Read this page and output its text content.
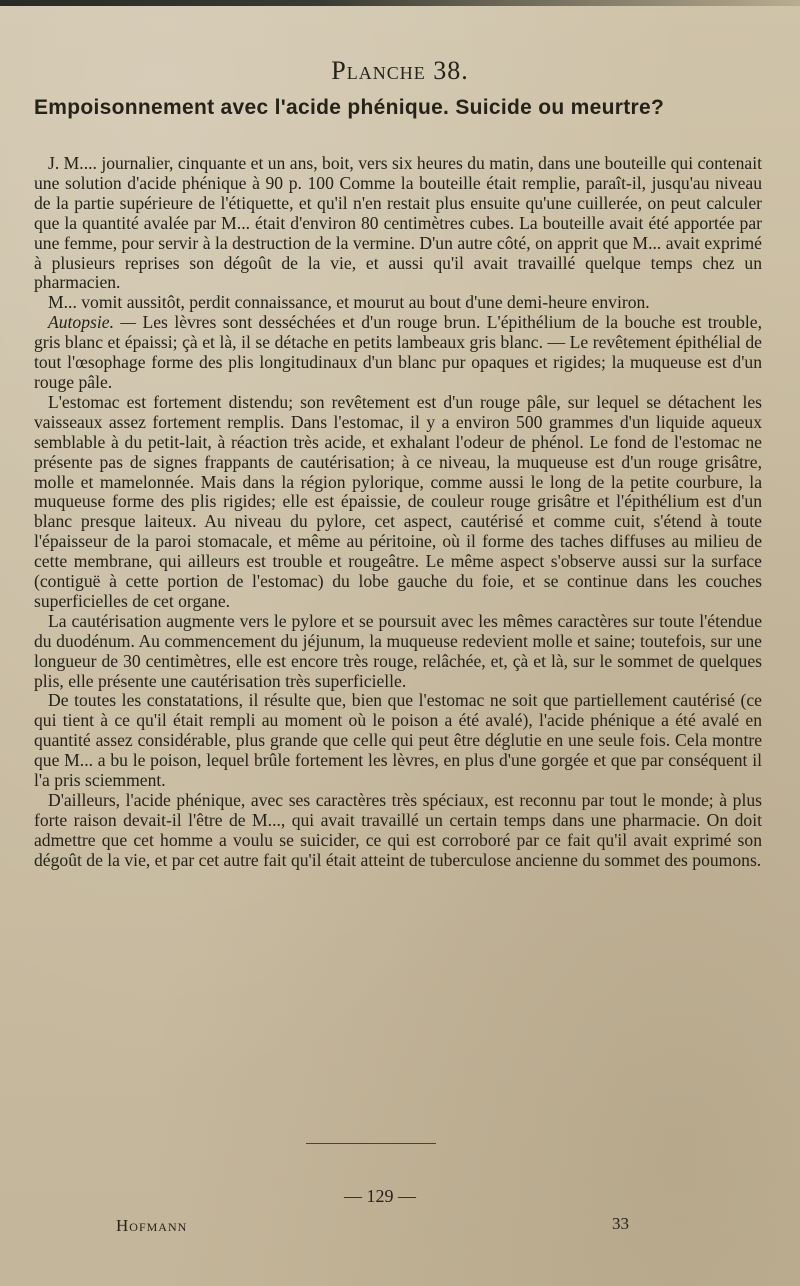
Planche 38.
Empoisonnement avec l'acide phénique. Suicide ou meurtre?

J. M.... journalier, cinquante et un ans, boit, vers six heures du matin, dans une bouteille qui contenait une solution d'acide phénique à 90 p. 100 Comme la bouteille était remplie, paraît-il, jusqu'au niveau de la partie supérieure de l'étiquette, et qu'il n'en restait plus ensuite qu'une cuillerée, on peut calculer que la quantité avalée par M... était d'environ 80 centimètres cubes. La bouteille avait été apportée par une femme, pour servir à la destruction de la vermine. D'un autre côté, on apprit que M... avait exprimé à plusieurs reprises son dégoût de la vie, et aussi qu'il avait travaillé quelque temps chez un pharmacien.

M... vomit aussitôt, perdit connaissance, et mourut au bout d'une demi-heure environ.

Autopsie. — Les lèvres sont desséchées et d'un rouge brun. L'épithélium de la bouche est trouble, gris blanc et épaissi; çà et là, il se détache en petits lambeaux gris blanc. — Le revêtement épithélial de tout l'œsophage forme des plis longitudinaux d'un blanc pur opaques et rigides; la muqueuse est d'un rouge pâle.

L'estomac est fortement distendu; son revêtement est d'un rouge pâle, sur lequel se détachent les vaisseaux assez fortement remplis. Dans l'estomac, il y a environ 500 grammes d'un liquide aqueux semblable à du petit-lait, à réaction très acide, et exhalant l'odeur de phénol. Le fond de l'estomac ne présente pas de signes frappants de cautérisation; à ce niveau, la muqueuse est d'un rouge grisâtre, molle et mamelonnée. Mais dans la région pylorique, comme aussi le long de la petite courbure, la muqueuse forme des plis rigides; elle est épaissie, de couleur rouge grisâtre et l'épithélium est d'un blanc presque laiteux. Au niveau du pylore, cet aspect, cautérisé et comme cuit, s'étend à toute l'épaisseur de la paroi stomacale, et même au péritoine, où il forme des taches diffuses au milieu de cette membrane, qui ailleurs est trouble et rougeâtre. Le même aspect s'observe aussi sur la surface (contiguë à cette portion de l'estomac) du lobe gauche du foie, et se continue dans les couches superficielles de cet organe.

La cautérisation augmente vers le pylore et se poursuit avec les mêmes caractères sur toute l'étendue du duodénum. Au commencement du jéjunum, la muqueuse redevient molle et saine; toutefois, sur une longueur de 30 centimètres, elle est encore très rouge, relâchée, et, çà et là, sur le sommet de quelques plis, elle présente une cautérisation très superficielle.

De toutes les constatations, il résulte que, bien que l'estomac ne soit que partiellement cautérisé (ce qui tient à ce qu'il était rempli au moment où le poison a été avalé), l'acide phénique a été avalé en quantité assez considérable, plus grande que celle qui peut être déglutie en une seule fois. Cela montre que M... a bu le poison, lequel brûle fortement les lèvres, en plus d'une gorgée et que par conséquent il l'a pris sciemment.

D'ailleurs, l'acide phénique, avec ses caractères très spéciaux, est reconnu par tout le monde; à plus forte raison devait-il l'être de M..., qui avait travaillé un certain temps dans une pharmacie. On doit admettre que cet homme a voulu se suicider, ce qui est corroboré par ce fait qu'il avait exprimé son dégoût de la vie, et par cet autre fait qu'il était atteint de tuberculose ancienne du sommet des poumons.

— 129 —
Hofmann	33
